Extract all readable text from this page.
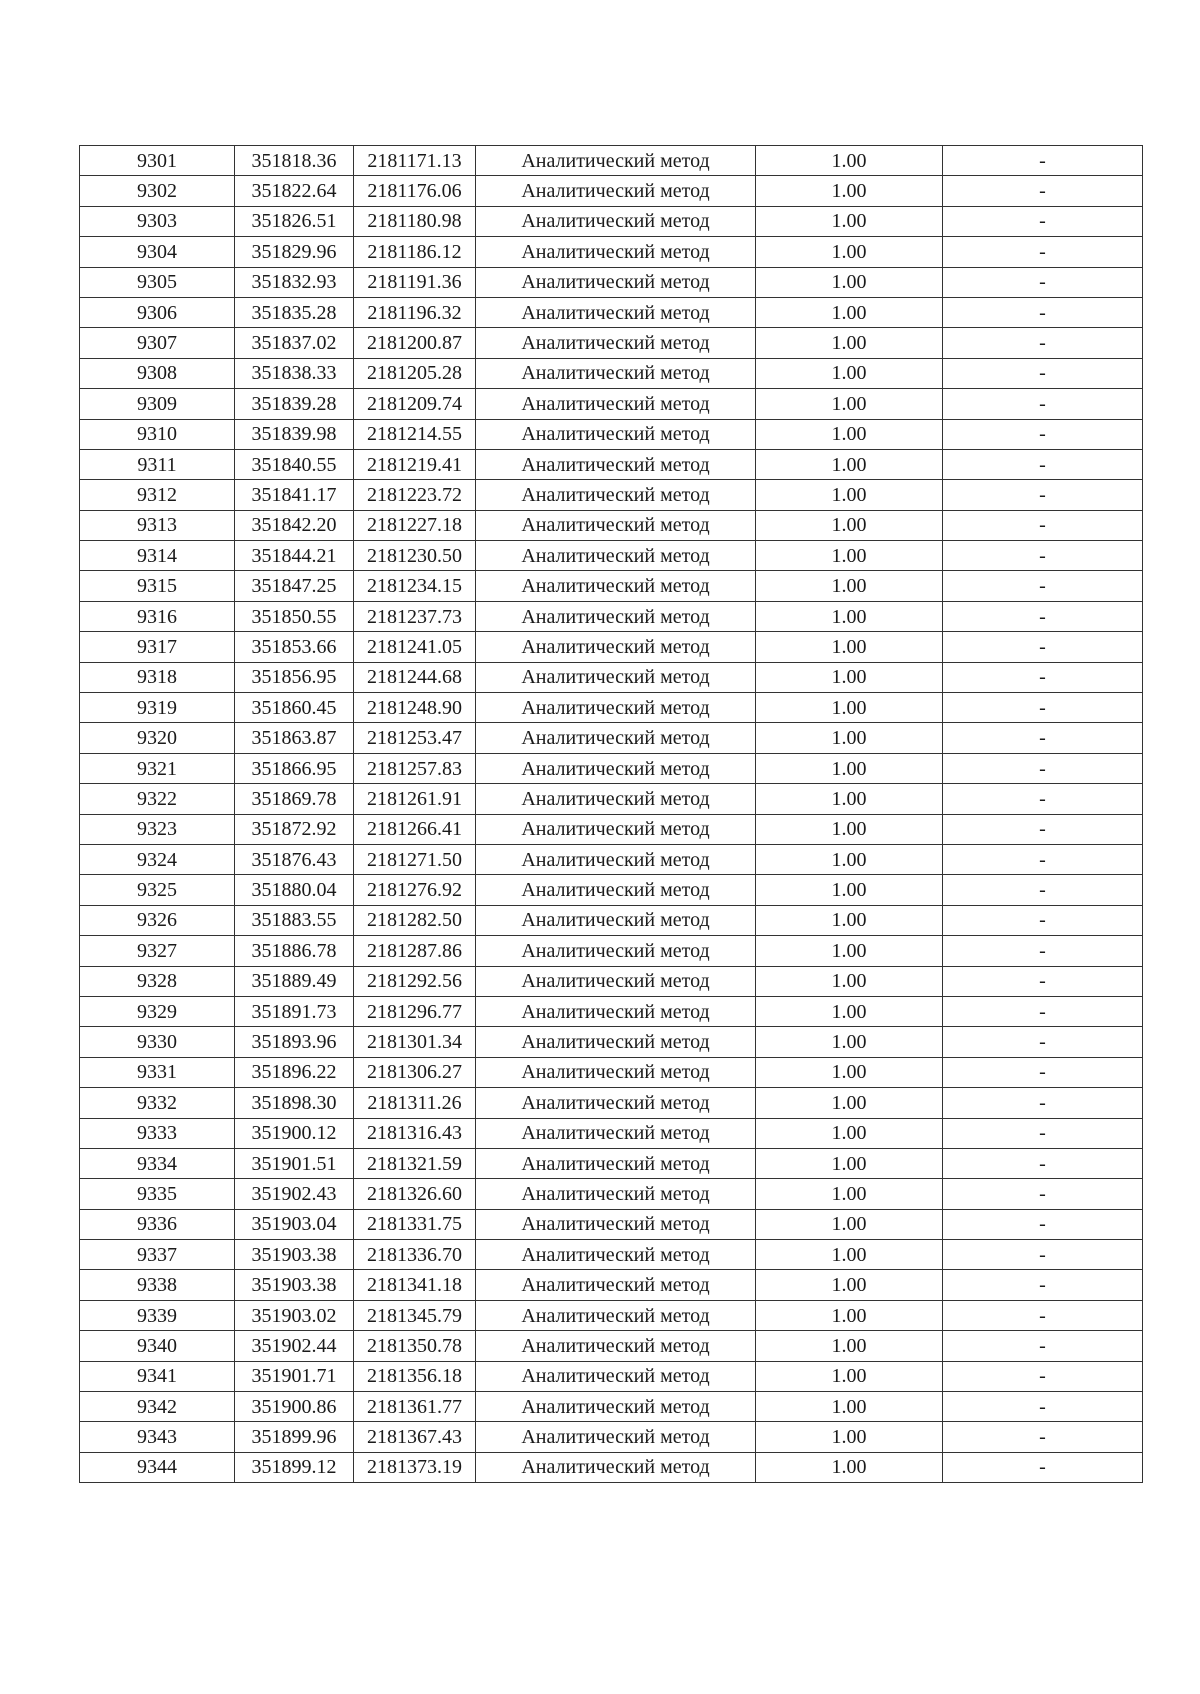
9301	351818.36	2181171.13	Аналитический метод	1.00	-
9302	351822.64	2181176.06	Аналитический метод	1.00	-
9303	351826.51	2181180.98	Аналитический метод	1.00	-
9304	351829.96	2181186.12	Аналитический метод	1.00	-
9305	351832.93	2181191.36	Аналитический метод	1.00	-
9306	351835.28	2181196.32	Аналитический метод	1.00	-
9307	351837.02	2181200.87	Аналитический метод	1.00	-
9308	351838.33	2181205.28	Аналитический метод	1.00	-
9309	351839.28	2181209.74	Аналитический метод	1.00	-
9310	351839.98	2181214.55	Аналитический метод	1.00	-
9311	351840.55	2181219.41	Аналитический метод	1.00	-
9312	351841.17	2181223.72	Аналитический метод	1.00	-
9313	351842.20	2181227.18	Аналитический метод	1.00	-
9314	351844.21	2181230.50	Аналитический метод	1.00	-
9315	351847.25	2181234.15	Аналитический метод	1.00	-
9316	351850.55	2181237.73	Аналитический метод	1.00	-
9317	351853.66	2181241.05	Аналитический метод	1.00	-
9318	351856.95	2181244.68	Аналитический метод	1.00	-
9319	351860.45	2181248.90	Аналитический метод	1.00	-
9320	351863.87	2181253.47	Аналитический метод	1.00	-
9321	351866.95	2181257.83	Аналитический метод	1.00	-
9322	351869.78	2181261.91	Аналитический метод	1.00	-
9323	351872.92	2181266.41	Аналитический метод	1.00	-
9324	351876.43	2181271.50	Аналитический метод	1.00	-
9325	351880.04	2181276.92	Аналитический метод	1.00	-
9326	351883.55	2181282.50	Аналитический метод	1.00	-
9327	351886.78	2181287.86	Аналитический метод	1.00	-
9328	351889.49	2181292.56	Аналитический метод	1.00	-
9329	351891.73	2181296.77	Аналитический метод	1.00	-
9330	351893.96	2181301.34	Аналитический метод	1.00	-
9331	351896.22	2181306.27	Аналитический метод	1.00	-
9332	351898.30	2181311.26	Аналитический метод	1.00	-
9333	351900.12	2181316.43	Аналитический метод	1.00	-
9334	351901.51	2181321.59	Аналитический метод	1.00	-
9335	351902.43	2181326.60	Аналитический метод	1.00	-
9336	351903.04	2181331.75	Аналитический метод	1.00	-
9337	351903.38	2181336.70	Аналитический метод	1.00	-
9338	351903.38	2181341.18	Аналитический метод	1.00	-
9339	351903.02	2181345.79	Аналитический метод	1.00	-
9340	351902.44	2181350.78	Аналитический метод	1.00	-
9341	351901.71	2181356.18	Аналитический метод	1.00	-
9342	351900.86	2181361.77	Аналитический метод	1.00	-
9343	351899.96	2181367.43	Аналитический метод	1.00	-
9344	351899.12	2181373.19	Аналитический метод	1.00	-
